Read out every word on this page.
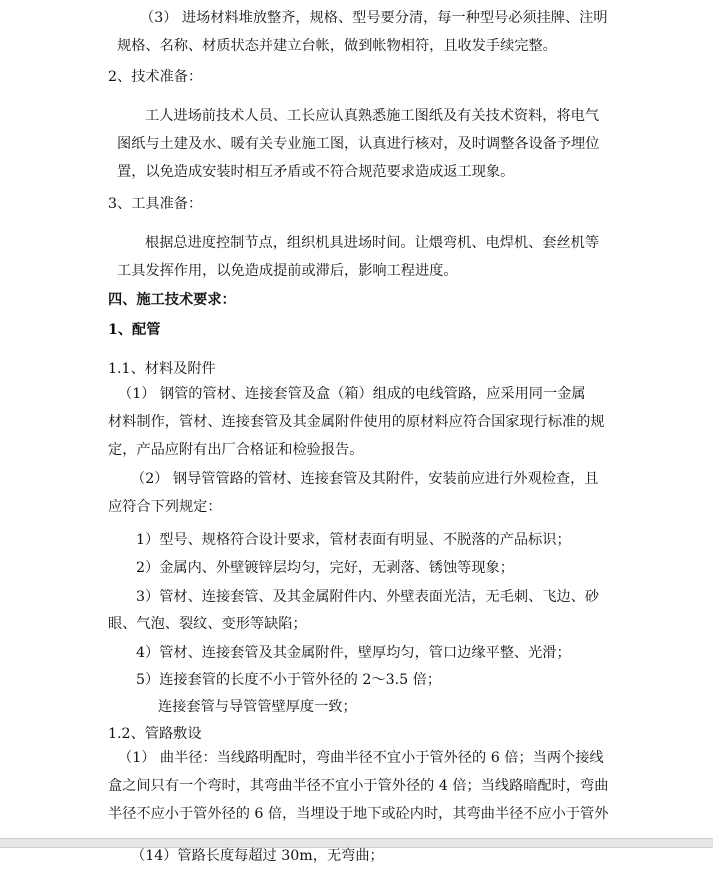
（3） 进场材料堆放整齐，规格、型号要分清，每一种型号必须挂牌、注明
规格、名称、材质状态并建立台帐，做到帐物相符，且收发手续完整。
2、技术准备：
工人进场前技术人员、工长应认真熟悉施工图纸及有关技术资料，将电气
图纸与土建及水、暖有关专业施工图，认真进行核对，及时调整各设备予埋位
置，以免造成安装时相互矛盾或不符合规范要求造成返工现象。
3、工具准备：
根据总进度控制节点，组织机具进场时间。让煨弯机、电焊机、套丝机等
工具发挥作用，以免造成提前或滞后，影响工程进度。
四、施工技术要求：
1、配管
1.1、材料及附件
（1） 钢管的管材、连接套管及盒（箱）组成的电线管路，应采用同一金属
材料制作，管材、连接套管及其金属附件使用的原材料应符合国家现行标准的规
定，产品应附有出厂合格证和检验报告。
（2） 钢导管管路的管材、连接套管及其附件，安装前应进行外观检查，且
应符合下列规定：
1）型号、规格符合设计要求，管材表面有明显、不脱落的产品标识；
2）金属内、外壁镀锌层均匀，完好，无剥落、锈蚀等现象；
3）管材、连接套管、及其金属附件内、外壁表面光洁，无毛刺、飞边、砂
眼、气泡、裂纹、变形等缺陷；
4）管材、连接套管及其金属附件，壁厚均匀，管口边缘平整、光滑；
5）连接套管的长度不小于管外径的 2～3.5 倍；
连接套管与导管管壁厚度一致；
1.2、管路敷设
（1） 曲半径：当线路明配时，弯曲半径不宜小于管外径的 6 倍；当两个接线
盒之间只有一个弯时，其弯曲半径不宜小于管外径的 4 倍；当线路暗配时，弯曲
半径不应小于管外径的 6 倍，当埋设于地下或砼内时，其弯曲半径不应小于管外
（14）管路长度每超过 30m，无弯曲；
